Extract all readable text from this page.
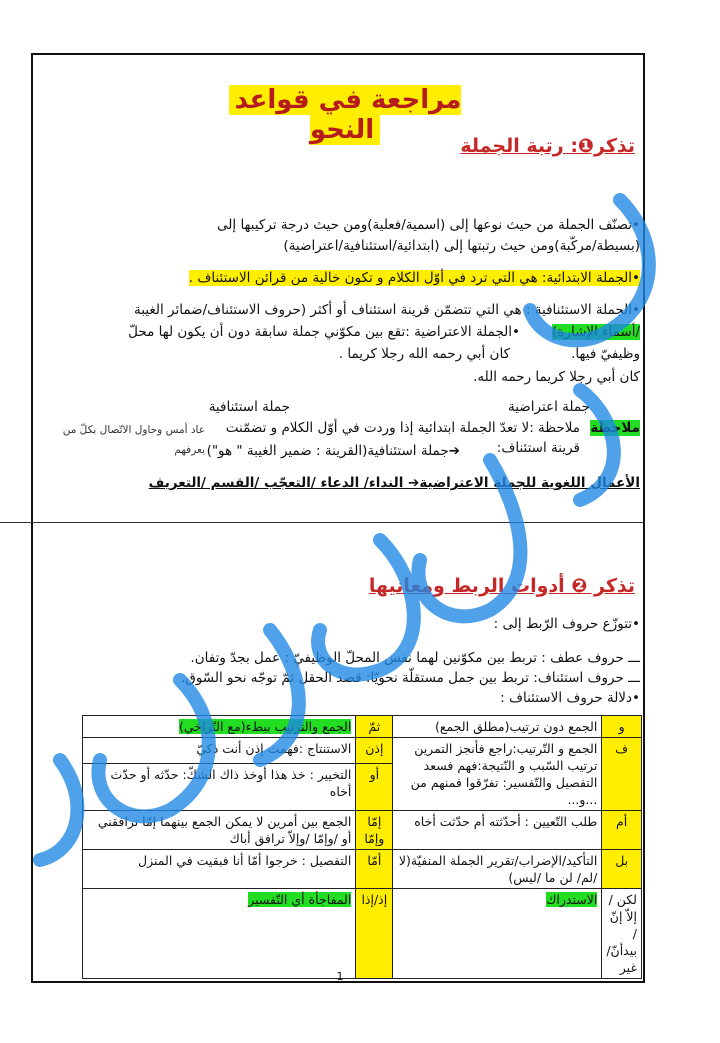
مراجعة في قواعد النحو
تذكر❶: رتبة الجملة
•تصنّف الجملة من حيث نوعها إلى (اسمية/فعلية)ومن حيث درجة تركيبها إلى
(بسيطة/مركّبة)ومن حيث رتبتها إلى (ابتدائية/استئنافية/اعتراضية)
•الجملة الابتدائية: هي التي ترد في أوّل الكلام و تكون خالية من قرائن الاستئناف .
•الجملة الاستئنافية : هي التي تتضمّن قرينة استئناف أو أكثر (حروف الاستئناف/ضمائر الغيبة
/أسماء الإشارة)
•الجملة الاعتراضية :تقع بين مكوّني جملة سابقة دون أن يكون لها محلّ
وظيفيّ فيها.
كان أبي رحمه الله رجلا كريما .
كان أبي رجلا كريما رحمه الله.
جملة اعتراضية
جملة استئنافية
ملاحظة
ملاحظة :لا تعدّ الجملة ابتدائية إذا وردت في أوّل الكلام و تضمّنت قرينة استئناف:
عاد أمس وحاول الاتّصال بكلّ من يعرفهم ➔جملة استئنافية(القرينة : ضمير الغيبة " هو")
الأعمال اللغوية للجملة الاعتراضية➔ النداء/ الدعاء /التعجّب /القسم /التعريف
تذكر ❷ أدوات الربط ومعانيها
•تتوزّع حروف الرّبط إلى :
ـــ حروف عطف : تربط بين مكوّنين لهما نفس المحلّ الوظيفيّ : عمل بجدّ وتفان.
ـــ حروف استئناف: تربط بين جمل مستقلّة نحويّا: قصد الحقل ثمّ توجّه نحو السّوق.
•دلالة حروف الاستئناف :
و	الجمع دون ترتيب(مطلق الجمع)	ثمّ	الجمع والترتيب ببطء(مع التّراخي)
ف	الجمع و التّرتيب:راجع فأنجز التمرين ترتيب السّبب و النّتيجة:فهم فسعد التفصيل والتّفسير: تفرّقوا فمنهم من ...و...	إذن	الاستنتاج :فهمت إذن أنت ذكيّ
		أو	التخيير : خذ هذا أوخذ ذاك الشكّ: حدّثه أو حدّث أخاه
أم	طلب التّعيين : أحدّثته أم حدّثت أخاه	إمّا وإمّا	الجمع بين أمرين لا يمكن الجمع بينهما إمّا ترافقني أو /وإمّا /وإلاّ ترافق أباك
بل	التأكيد/الإضراب/تقرير الجملة المنفيّة(لا /لم/ لن ما /ليس)	أمّا	التفصيل : خرجوا أمّا أنا فبقيت في المنزل
لكن /إلاّ إنّ / بيدأنّ/ غير	الاستدراك	إذ/إذا	المفاجأة أي التّفسير
1
